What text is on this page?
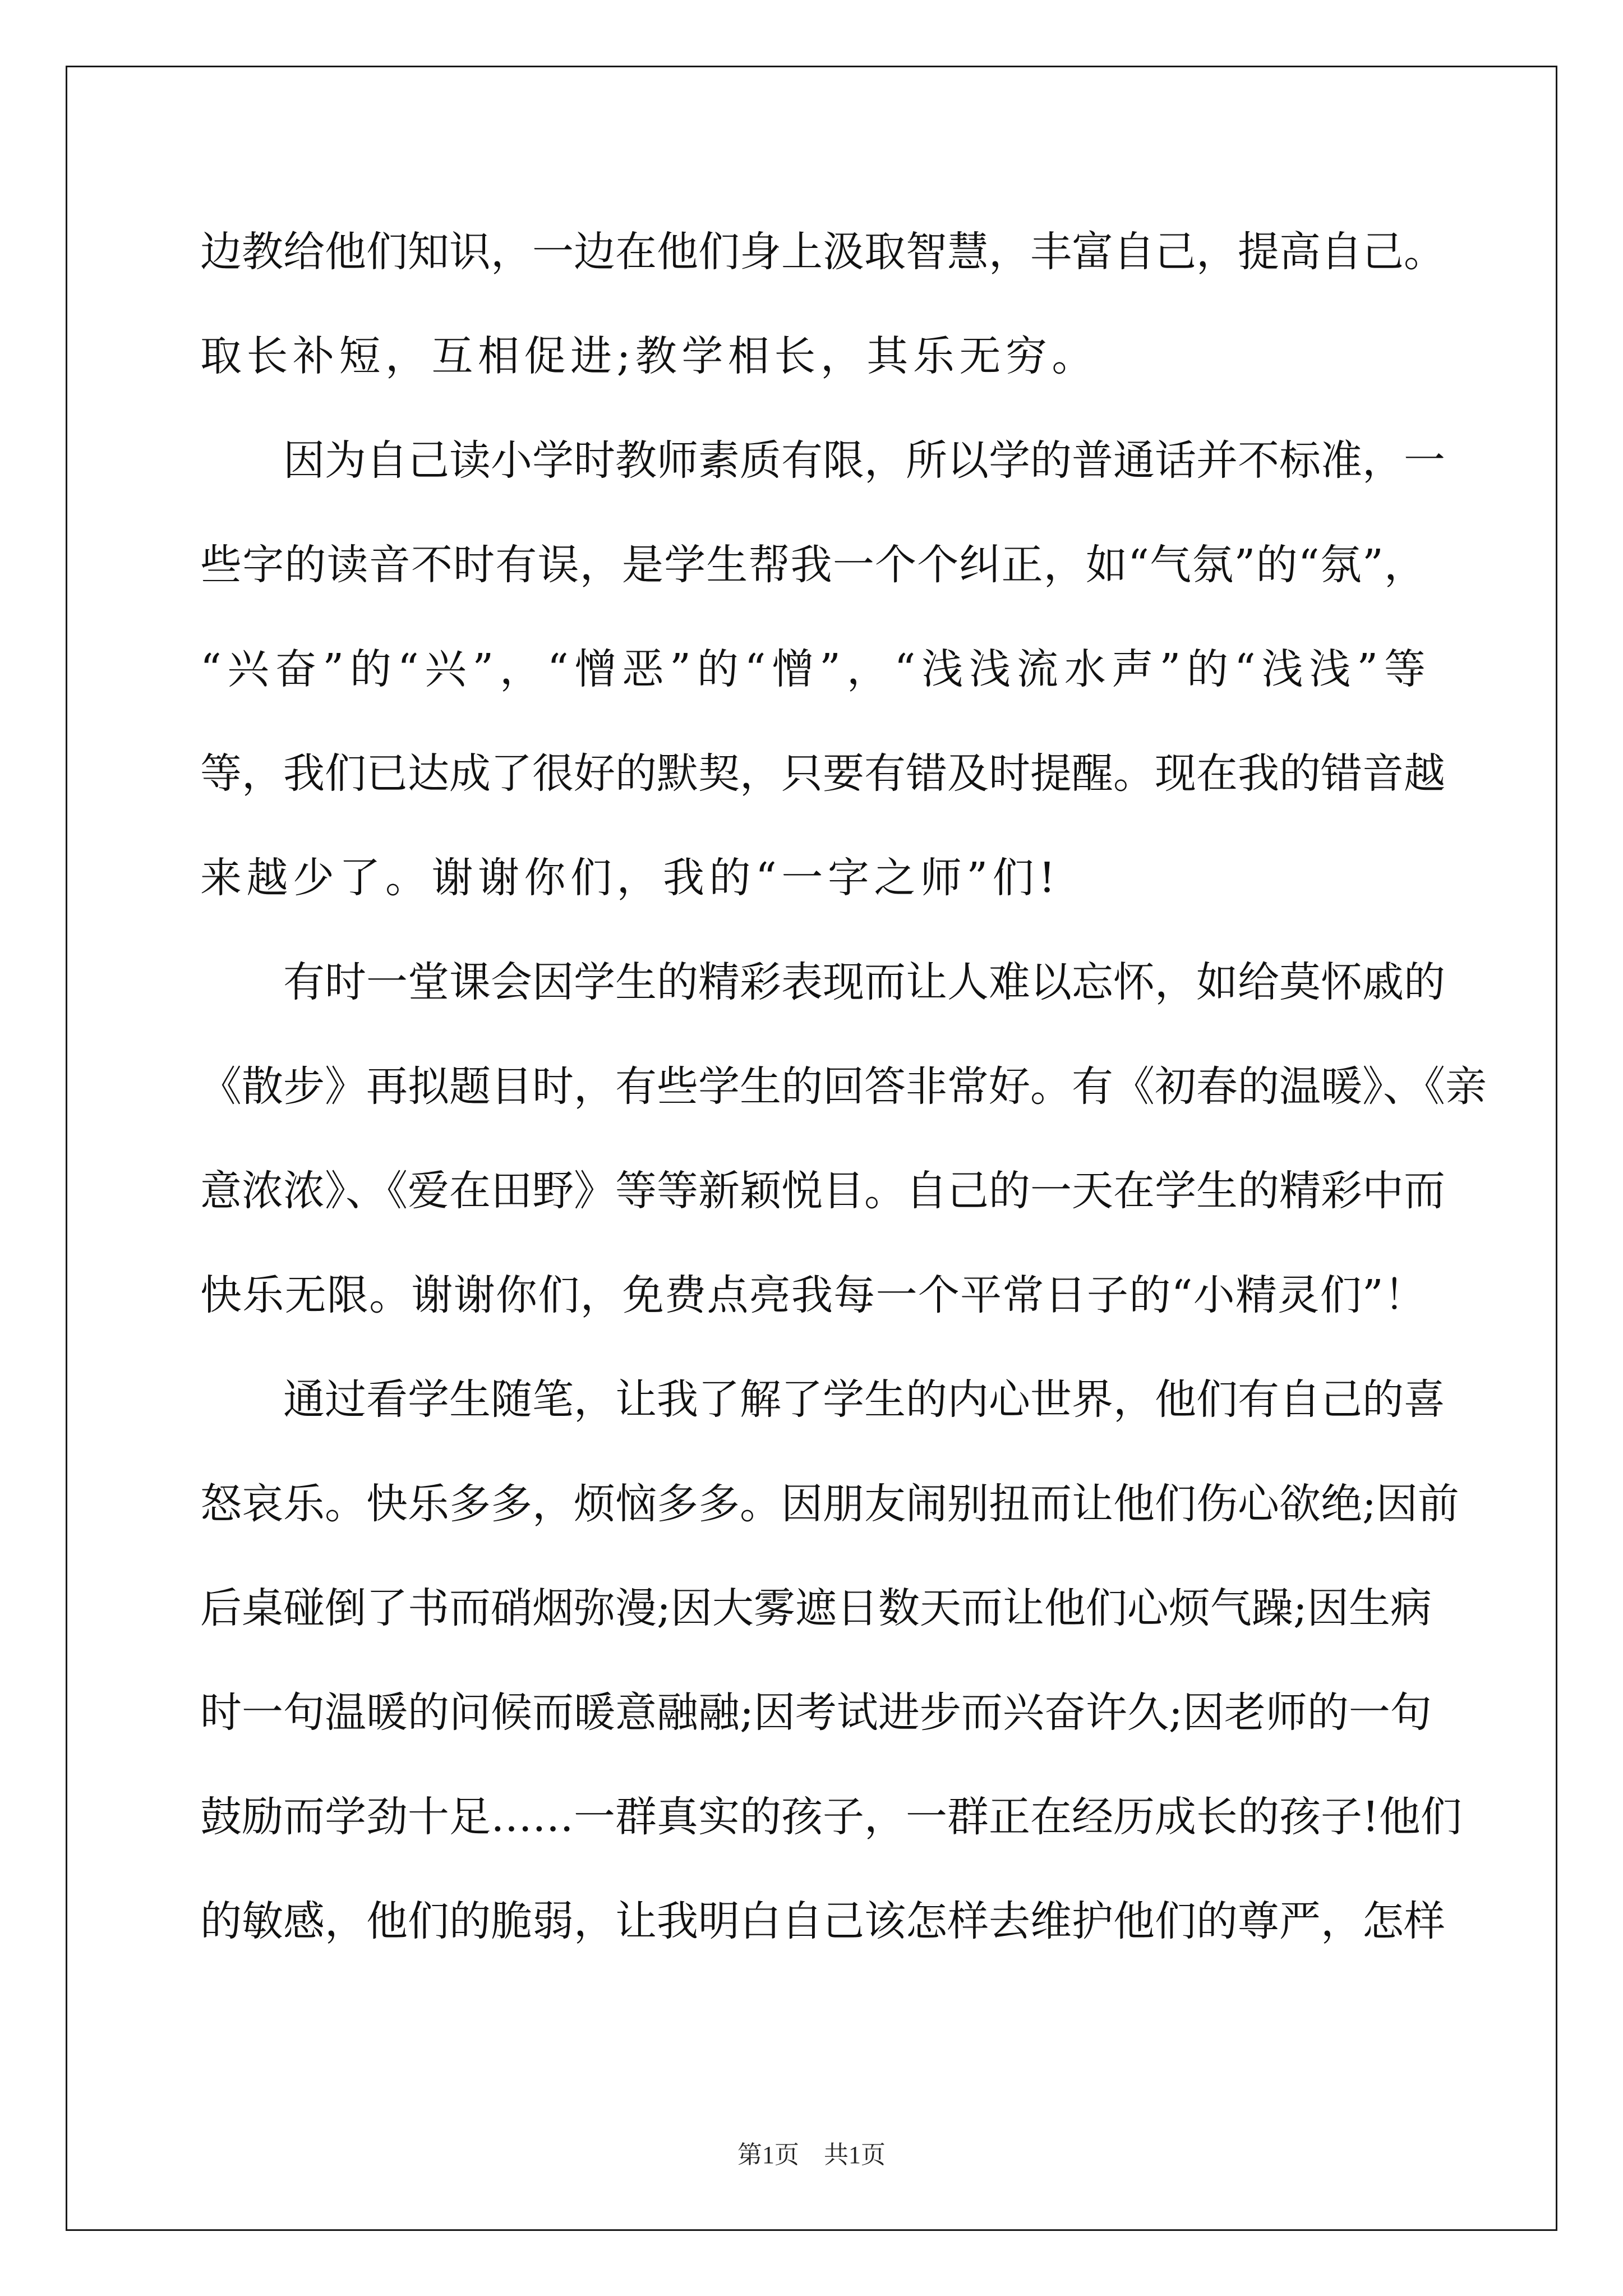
边教给他们知识，一边在他们身上汲取智慧，丰富自己，提高自己。
取长补短，互相促进;教学相长，其乐无穷。
　　因为自己读小学时教师素质有限，所以学的普通话并不标准，一
些字的读音不时有误，是学生帮我一个个纠正，如“气氛”的“氛”，
“兴奋”的“兴”，“憎恶”的“憎”，“浅浅流水声”的“浅浅”等
等，我们已达成了很好的默契，只要有错及时提醒。现在我的错音越
来越少了。谢谢你们，我的“一字之师”们!
　　有时一堂课会因学生的精彩表现而让人难以忘怀，如给莫怀戚的
《散步》再拟题目时，有些学生的回答非常好。有《初春的温暖》、《亲
意浓浓》、《爱在田野》等等新颖悦目。自己的一天在学生的精彩中而
快乐无限。谢谢你们，免费点亮我每一个平常日子的“小精灵们”！
　　通过看学生随笔，让我了解了学生的内心世界，他们有自己的喜
怒哀乐。快乐多多，烦恼多多。因朋友闹别扭而让他们伤心欲绝;因前
后桌碰倒了书而硝烟弥漫;因大雾遮日数天而让他们心烦气躁;因生病
时一句温暖的问候而暖意融融;因考试进步而兴奋许久;因老师的一句
鼓励而学劲十足……一群真实的孩子，一群正在经历成长的孩子!他们
的敏感，他们的脆弱，让我明白自己该怎样去维护他们的尊严，怎样
第1页　共1页
